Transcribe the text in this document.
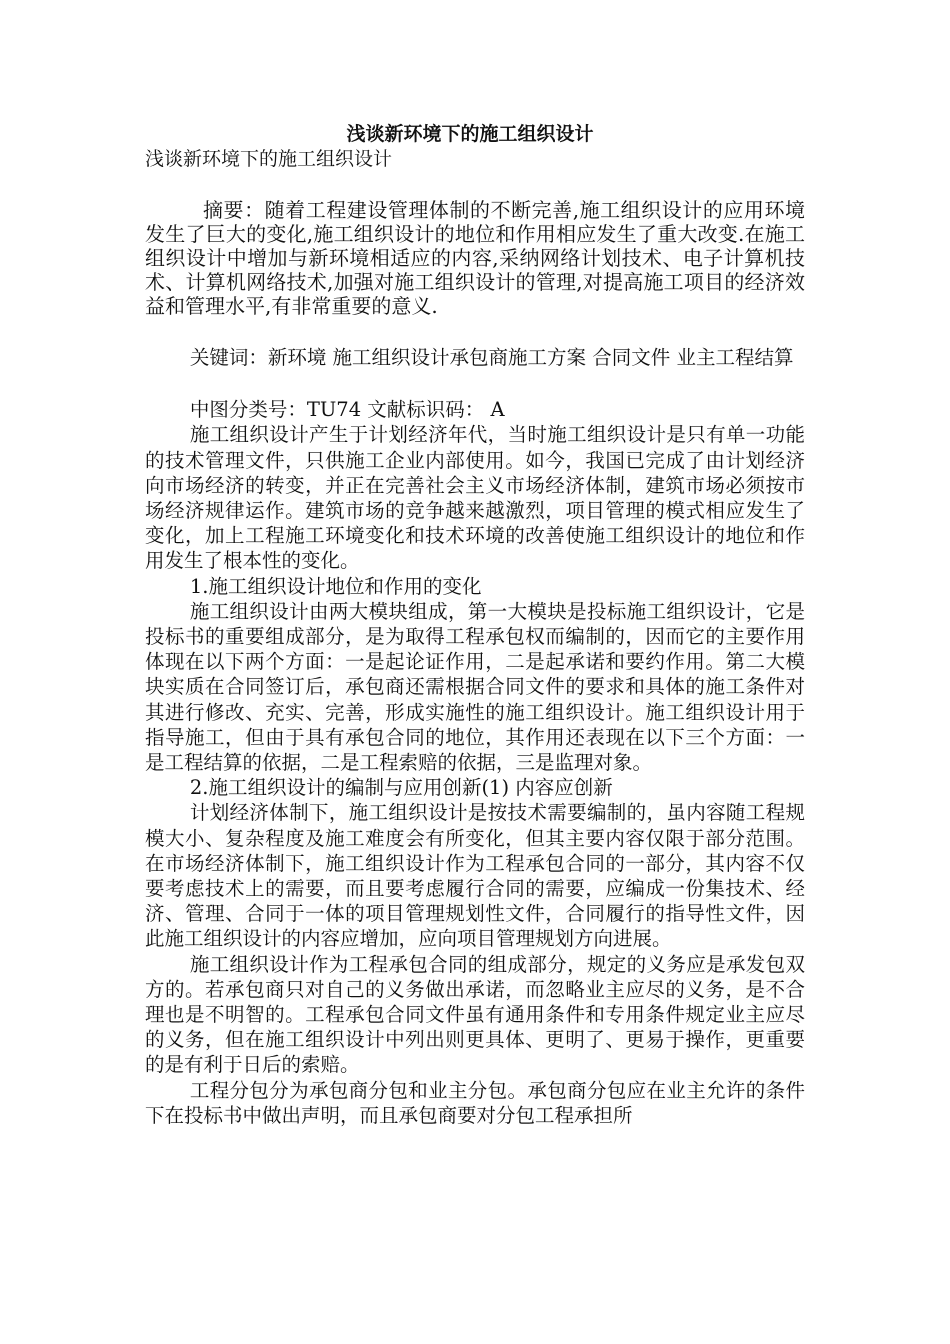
浅谈新环境下的施工组织设计

浅谈新环境下的施工组织设计

摘要：随着工程建设管理体制的不断完善,施工组织设计的应用环境发生了巨大的变化,施工组织设计的地位和作用相应发生了重大改变.在施工组织设计中增加与新环境相适应的内容,采纳网络计划技术、电子计算机技术、计算机网络技术,加强对施工组织设计的管理,对提高施工项目的经济效益和管理水平,有非常重要的意义.

关键词：新环境 施工组织设计承包商施工方案 合同文件 业主工程结算

中图分类号：TU74 文献标识码： A

施工组织设计产生于计划经济年代，当时施工组织设计是只有单一功能的技术管理文件，只供施工企业内部使用。如今，我国已完成了由计划经济向市场经济的转变，并正在完善社会主义市场经济体制，建筑市场必须按市场经济规律运作。建筑市场的竞争越来越激烈，项目管理的模式相应发生了变化，加上工程施工环境变化和技术环境的改善使施工组织设计的地位和作用发生了根本性的变化。

1.施工组织设计地位和作用的变化

施工组织设计由两大模块组成，第一大模块是投标施工组织设计，它是投标书的重要组成部分，是为取得工程承包权而编制的，因而它的主要作用体现在以下两个方面：一是起论证作用，二是起承诺和要约作用。第二大模块实质在合同签订后，承包商还需根据合同文件的要求和具体的施工条件对其进行修改、充实、完善，形成实施性的施工组织设计。施工组织设计用于指导施工，但由于具有承包合同的地位，其作用还表现在以下三个方面：一是工程结算的依据，二是工程索赔的依据，三是监理对象。

2.施工组织设计的编制与应用创新(1) 内容应创新

计划经济体制下，施工组织设计是按技术需要编制的，虽内容随工程规模大小、复杂程度及施工难度会有所变化，但其主要内容仅限于部分范围。在市场经济体制下，施工组织设计作为工程承包合同的一部分，其内容不仅要考虑技术上的需要，而且要考虑履行合同的需要，应编成一份集技术、经济、管理、合同于一体的项目管理规划性文件，合同履行的指导性文件，因此施工组织设计的内容应增加，应向项目管理规划方向进展。

施工组织设计作为工程承包合同的组成部分，规定的义务应是承发包双方的。若承包商只对自己的义务做出承诺，而忽略业主应尽的义务，是不合理也是不明智的。工程承包合同文件虽有通用条件和专用条件规定业主应尽的义务，但在施工组织设计中列出则更具体、更明了、更易于操作，更重要的是有利于日后的索赔。

工程分包分为承包商分包和业主分包。承包商分包应在业主允许的条件下在投标书中做出声明，而且承包商要对分包工程承担所
